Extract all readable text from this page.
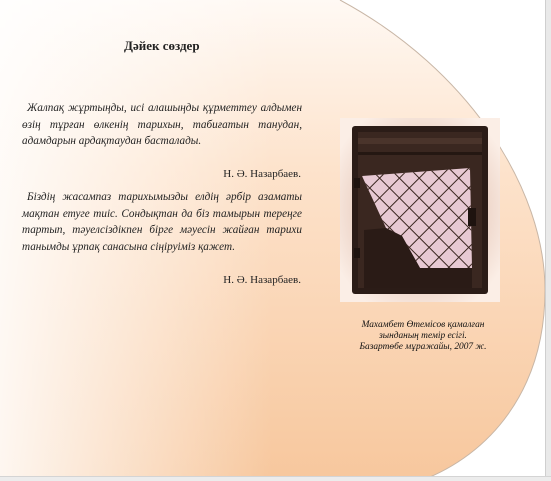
Дәйек сөздер
Жалпақ жұртыңды, исі алашыңды құрметтеу алдымен өзің тұрған өлкенің тарихын, табиғатын танудан, адамдарын ардақтаудан басталады.
Н. Ә. Назарбаев.
Біздің жасампаз тарихымызды елдің әрбір азаматы мақтан етуге тиіс. Сондықтан да біз тамырын тереңге тартып, тәуелсіздікпен бірге мәуесін жайған тарихи танымды ұрпақ санасына сіңіруіміз қажет.
Н. Ә. Назарбаев.
Махамбет Өтемісов қамалған
зынданың темір есігі.
Базартөбе мұражайы, 2007 ж.
